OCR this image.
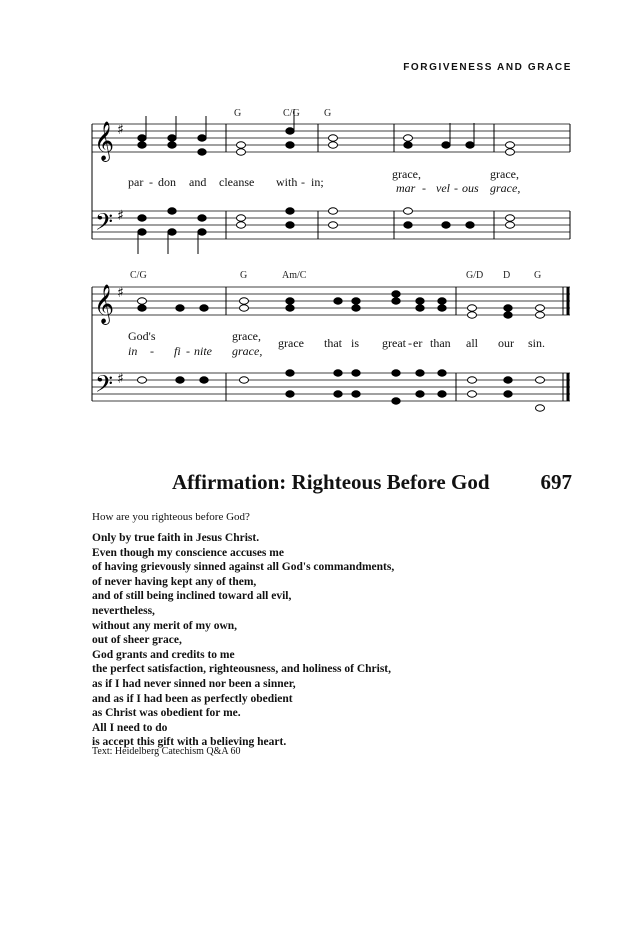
FORGIVENESS AND GRACE
𝄞
𝄢
𝄞
𝄢
♯
♯
♯
♯
G	C/G G
par - don and cleanse with - in;
grace,	grace,
mar - vel - ous grace,
C/G	G	Am/C	G/D D G
God's	grace, grace that is great - er than all our sin.
in - fi - nite grace,
Affirmation: Righteous Before God 697
How are you righteous before God?
Only by true faith in Jesus Christ.
Even though my conscience accuses me
of having grievously sinned against all God's commandments,
of never having kept any of them,
and of still being inclined toward all evil,
nevertheless,
without any merit of my own,
out of sheer grace,
God grants and credits to me
the perfect satisfaction, righteousness, and holiness of Christ,
as if I had never sinned nor been a sinner,
and as if I had been as perfectly obedient
as Christ was obedient for me.
All I need to do
is accept this gift with a believing heart.
Text: Heidelberg Catechism Q&A 60
